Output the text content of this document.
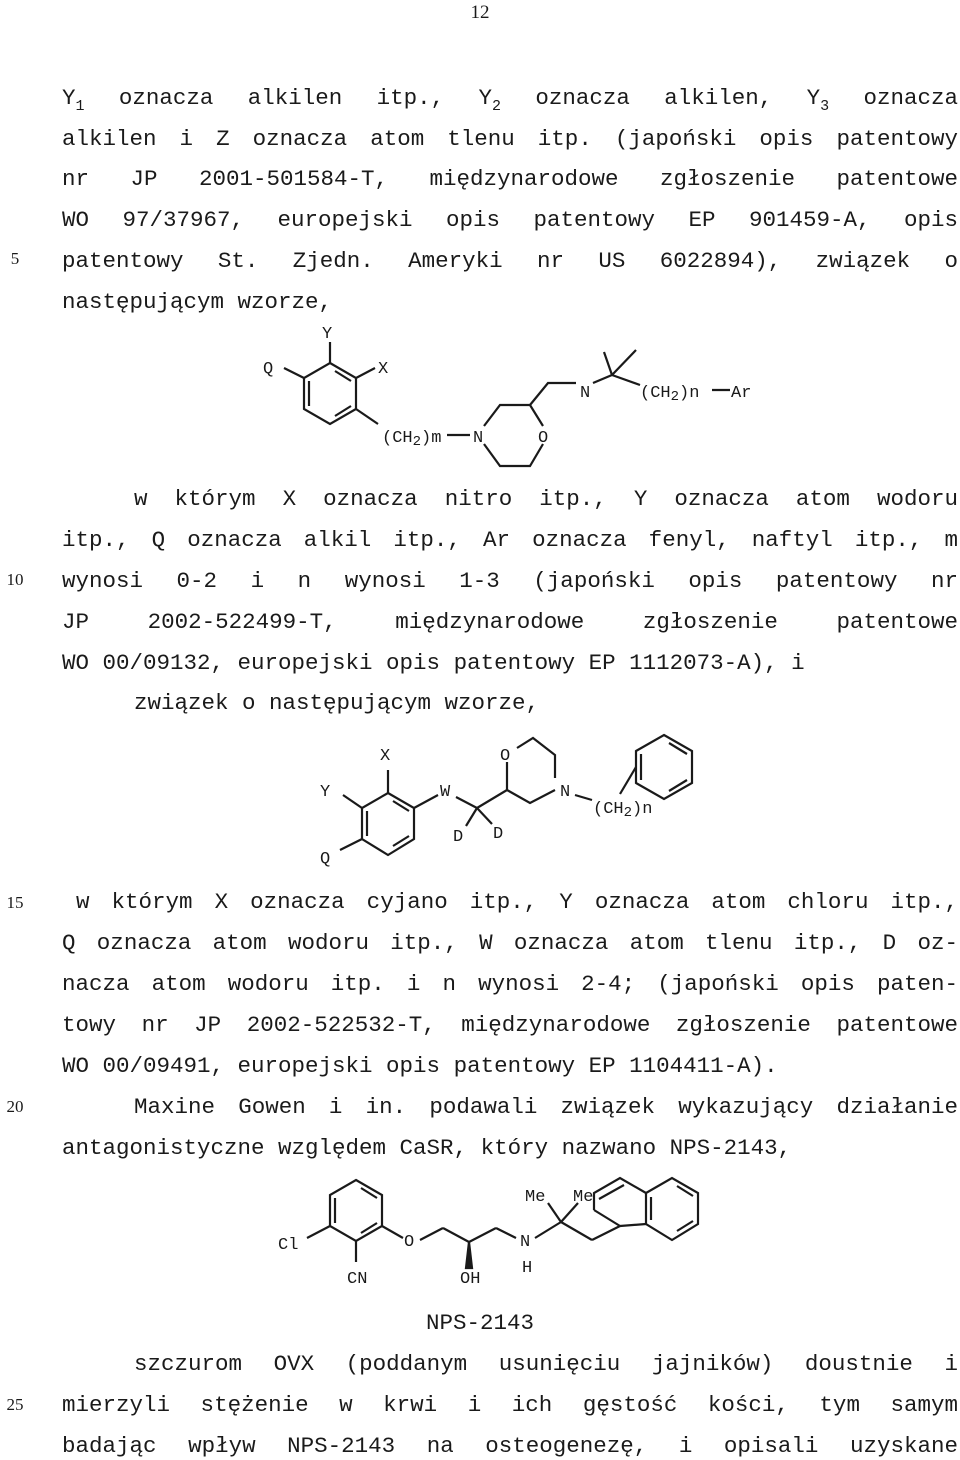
12
5
10
15
20
25
$Y_1$ oznacza alkilen itp., $Y_2$ oznacza alkilen, $Y_3$ oznacza
alkilen i Z oznacza atom tlenu itp. (japoński opis patentowy
nr JP 2001-501584-T, międzynarodowe zgłoszenie patentowe
WO 97/37967, europejski opis patentowy EP 901459-A, opis
patentowy St. Zjedn. Ameryki nr US 6022894), związek o
następującym wzorze,
Y
Q	X
N	(CH2)n Ar
(CH2)m N	O
w którym X oznacza nitro itp., Y oznacza atom wodoru
itp., Q oznacza alkil itp., Ar oznacza fenyl, naftyl itp., m
wynosi 0-2 i n wynosi 1-3 (japoński opis patentowy nr
JP 2002-522499-T, międzynarodowe zgłoszenie patentowe
WO 00/09132, europejski opis patentowy EP 1112073-A), i
związek o następującym wzorze,
X
Y
Q
W
D D
O
N
(CH2)n
w którym X oznacza cyjano itp., Y oznacza atom chloru itp.,
Q oznacza atom wodoru itp., W oznacza atom tlenu itp., D oz-
nacza atom wodoru itp. i n wynosi 2-4; (japoński opis paten-
towy nr JP 2002-522532-T, międzynarodowe zgłoszenie patentowe
WO 00/09491, europejski opis patentowy EP 1104411-A).
Maxine Gowen i in. podawali związek wykazujący działanie
antagonistyczne względem CaSR, który nazwano NPS-2143,
Cl
CN
O
OH
N
H
Me Me
NPS-2143
szczurom OVX (poddanym usunięciu jajników) doustnie i
mierzyli stężenie w krwi i ich gęstość kości, tym samym
badając wpływ NPS-2143 na osteogenezę, i opisali uzyskane
